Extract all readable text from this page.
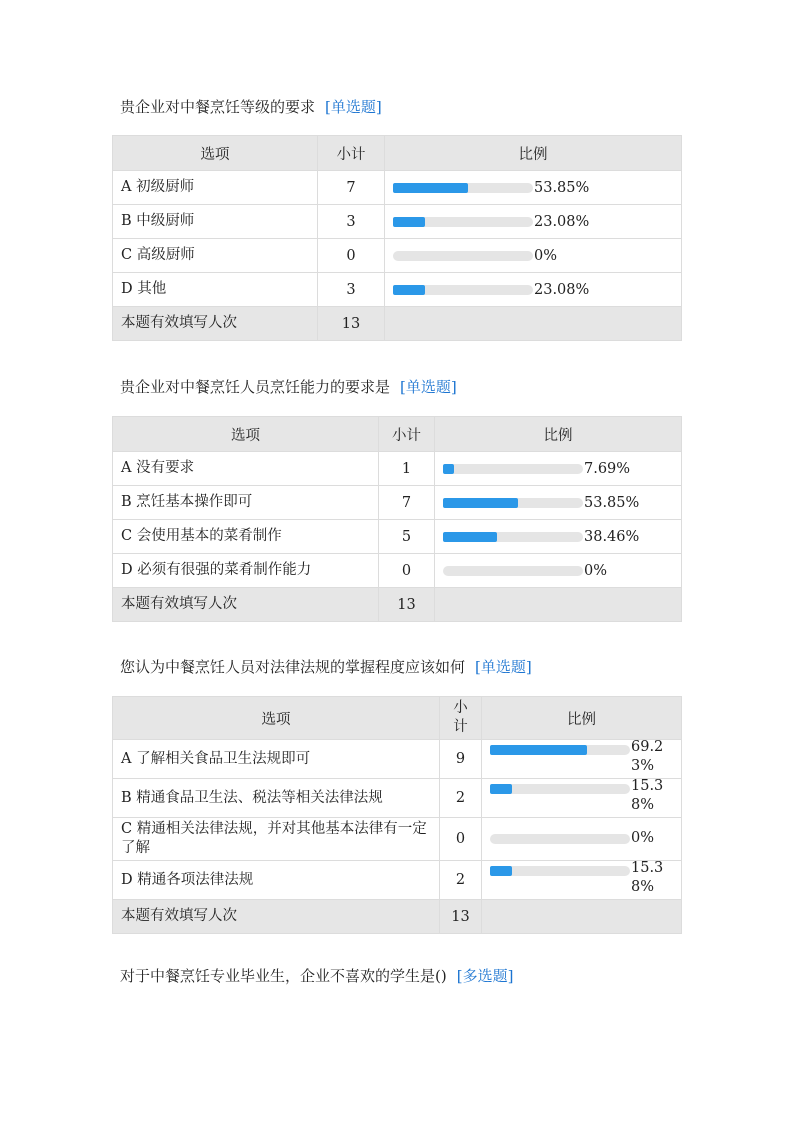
贵企业对中餐烹饪等级的要求 [单选题]
选项	小计	比例
A 初级厨师	7	53.85%
B 中级厨师	3	23.08%
C 高级厨师	0	0%
D 其他	3	23.08%
本题有效填写人次	13	
贵企业对中餐烹饪人员烹饪能力的要求是 [单选题]
选项	小计	比例
A 没有要求	1	7.69%
B 烹饪基本操作即可	7	53.85%
C 会使用基本的菜肴制作	5	38.46%
D 必须有很强的菜肴制作能力	0	0%
本题有效填写人次	13	
您认为中餐烹饪人员对法律法规的掌握程度应该如何 [单选题]
选项	小计	比例
A 了解相关食品卫生法规即可	9	69.23%

B 精通食品卫生法、税法等相关法律法规	2	15.38%

C 精通相关法律法规，并对其他基本法律有一定了解	0	0%

D 精通各项法律法规	2	15.38%

本题有效填写人次	13	
对于中餐烹饪专业毕业生，企业不喜欢的学生是() [多选题]
